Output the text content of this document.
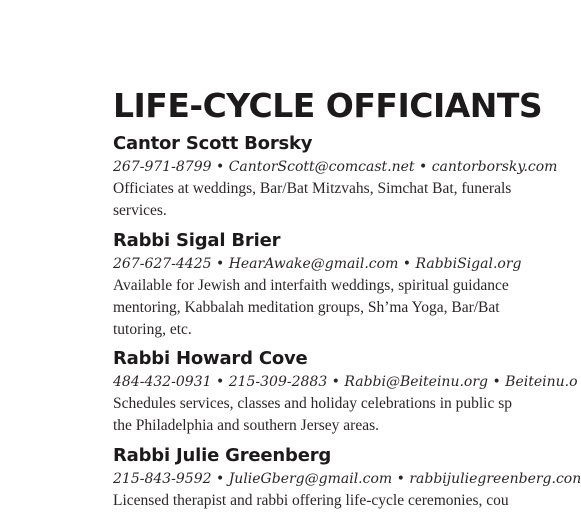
LIFE-CYCLE OFFICIANTS
Cantor Scott Borsky
267-971-8799 • CantorScott@comcast.net • cantorborsky.com
Officiates at weddings, Bar/Bat Mitzvahs, Simchat Bat, funerals
services.
Rabbi Sigal Brier
267-627-4425 • HearAwake@gmail.com • RabbiSigal.org
Available for Jewish and interfaith weddings, spiritual guidance
mentoring, Kabbalah meditation groups, Sh’ma Yoga, Bar/Bat
tutoring, etc.
Rabbi Howard Cove
484-432-0931 • 215-309-2883 • Rabbi@Beiteinu.org • Beiteinu.o
Schedules services, classes and holiday celebrations in public sp
the Philadelphia and southern Jersey areas.
Rabbi Julie Greenberg
215-843-9592 • JulieGberg@gmail.com • rabbijuliegreenberg.con
Licensed therapist and rabbi offering life-cycle ceremonies, cou
